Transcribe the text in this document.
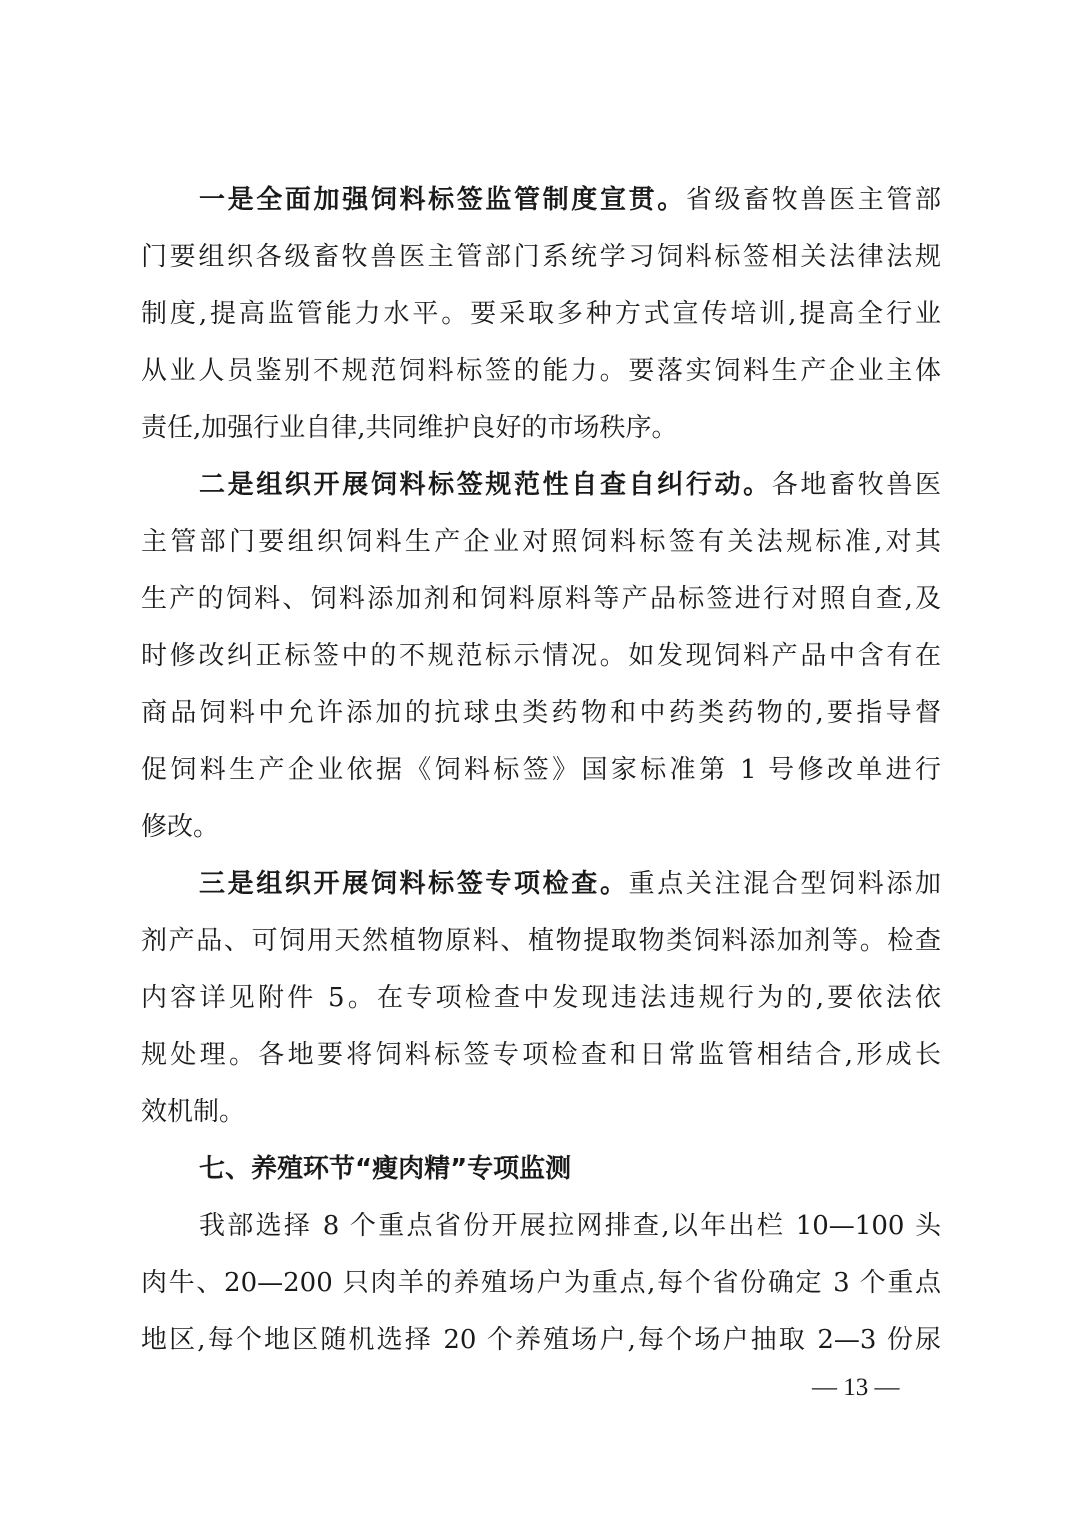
一是全面加强饲料标签监管制度宣贯。省级畜牧兽医主管部
门要组织各级畜牧兽医主管部门系统学习饲料标签相关法律法规
制度,提高监管能力水平。要采取多种方式宣传培训,提高全行业
从业人员鉴别不规范饲料标签的能力。要落实饲料生产企业主体
责任,加强行业自律,共同维护良好的市场秩序。
二是组织开展饲料标签规范性自查自纠行动。各地畜牧兽医
主管部门要组织饲料生产企业对照饲料标签有关法规标准,对其
生产的饲料、饲料添加剂和饲料原料等产品标签进行对照自查,及
时修改纠正标签中的不规范标示情况。如发现饲料产品中含有在
商品饲料中允许添加的抗球虫类药物和中药类药物的,要指导督
促饲料生产企业依据《饲料标签》国家标准第 1 号修改单进行
修改。
三是组织开展饲料标签专项检查。重点关注混合型饲料添加
剂产品、可饲用天然植物原料、植物提取物类饲料添加剂等。检查
内容详见附件 5。在专项检查中发现违法违规行为的,要依法依
规处理。各地要将饲料标签专项检查和日常监管相结合,形成长
效机制。
七、养殖环节“瘦肉精”专项监测
我部选择 8 个重点省份开展拉网排查,以年出栏 10—100 头
肉牛、20—200 只肉羊的养殖场户为重点,每个省份确定 3 个重点
地区,每个地区随机选择 20 个养殖场户,每个场户抽取 2—3 份尿
— 13 —
